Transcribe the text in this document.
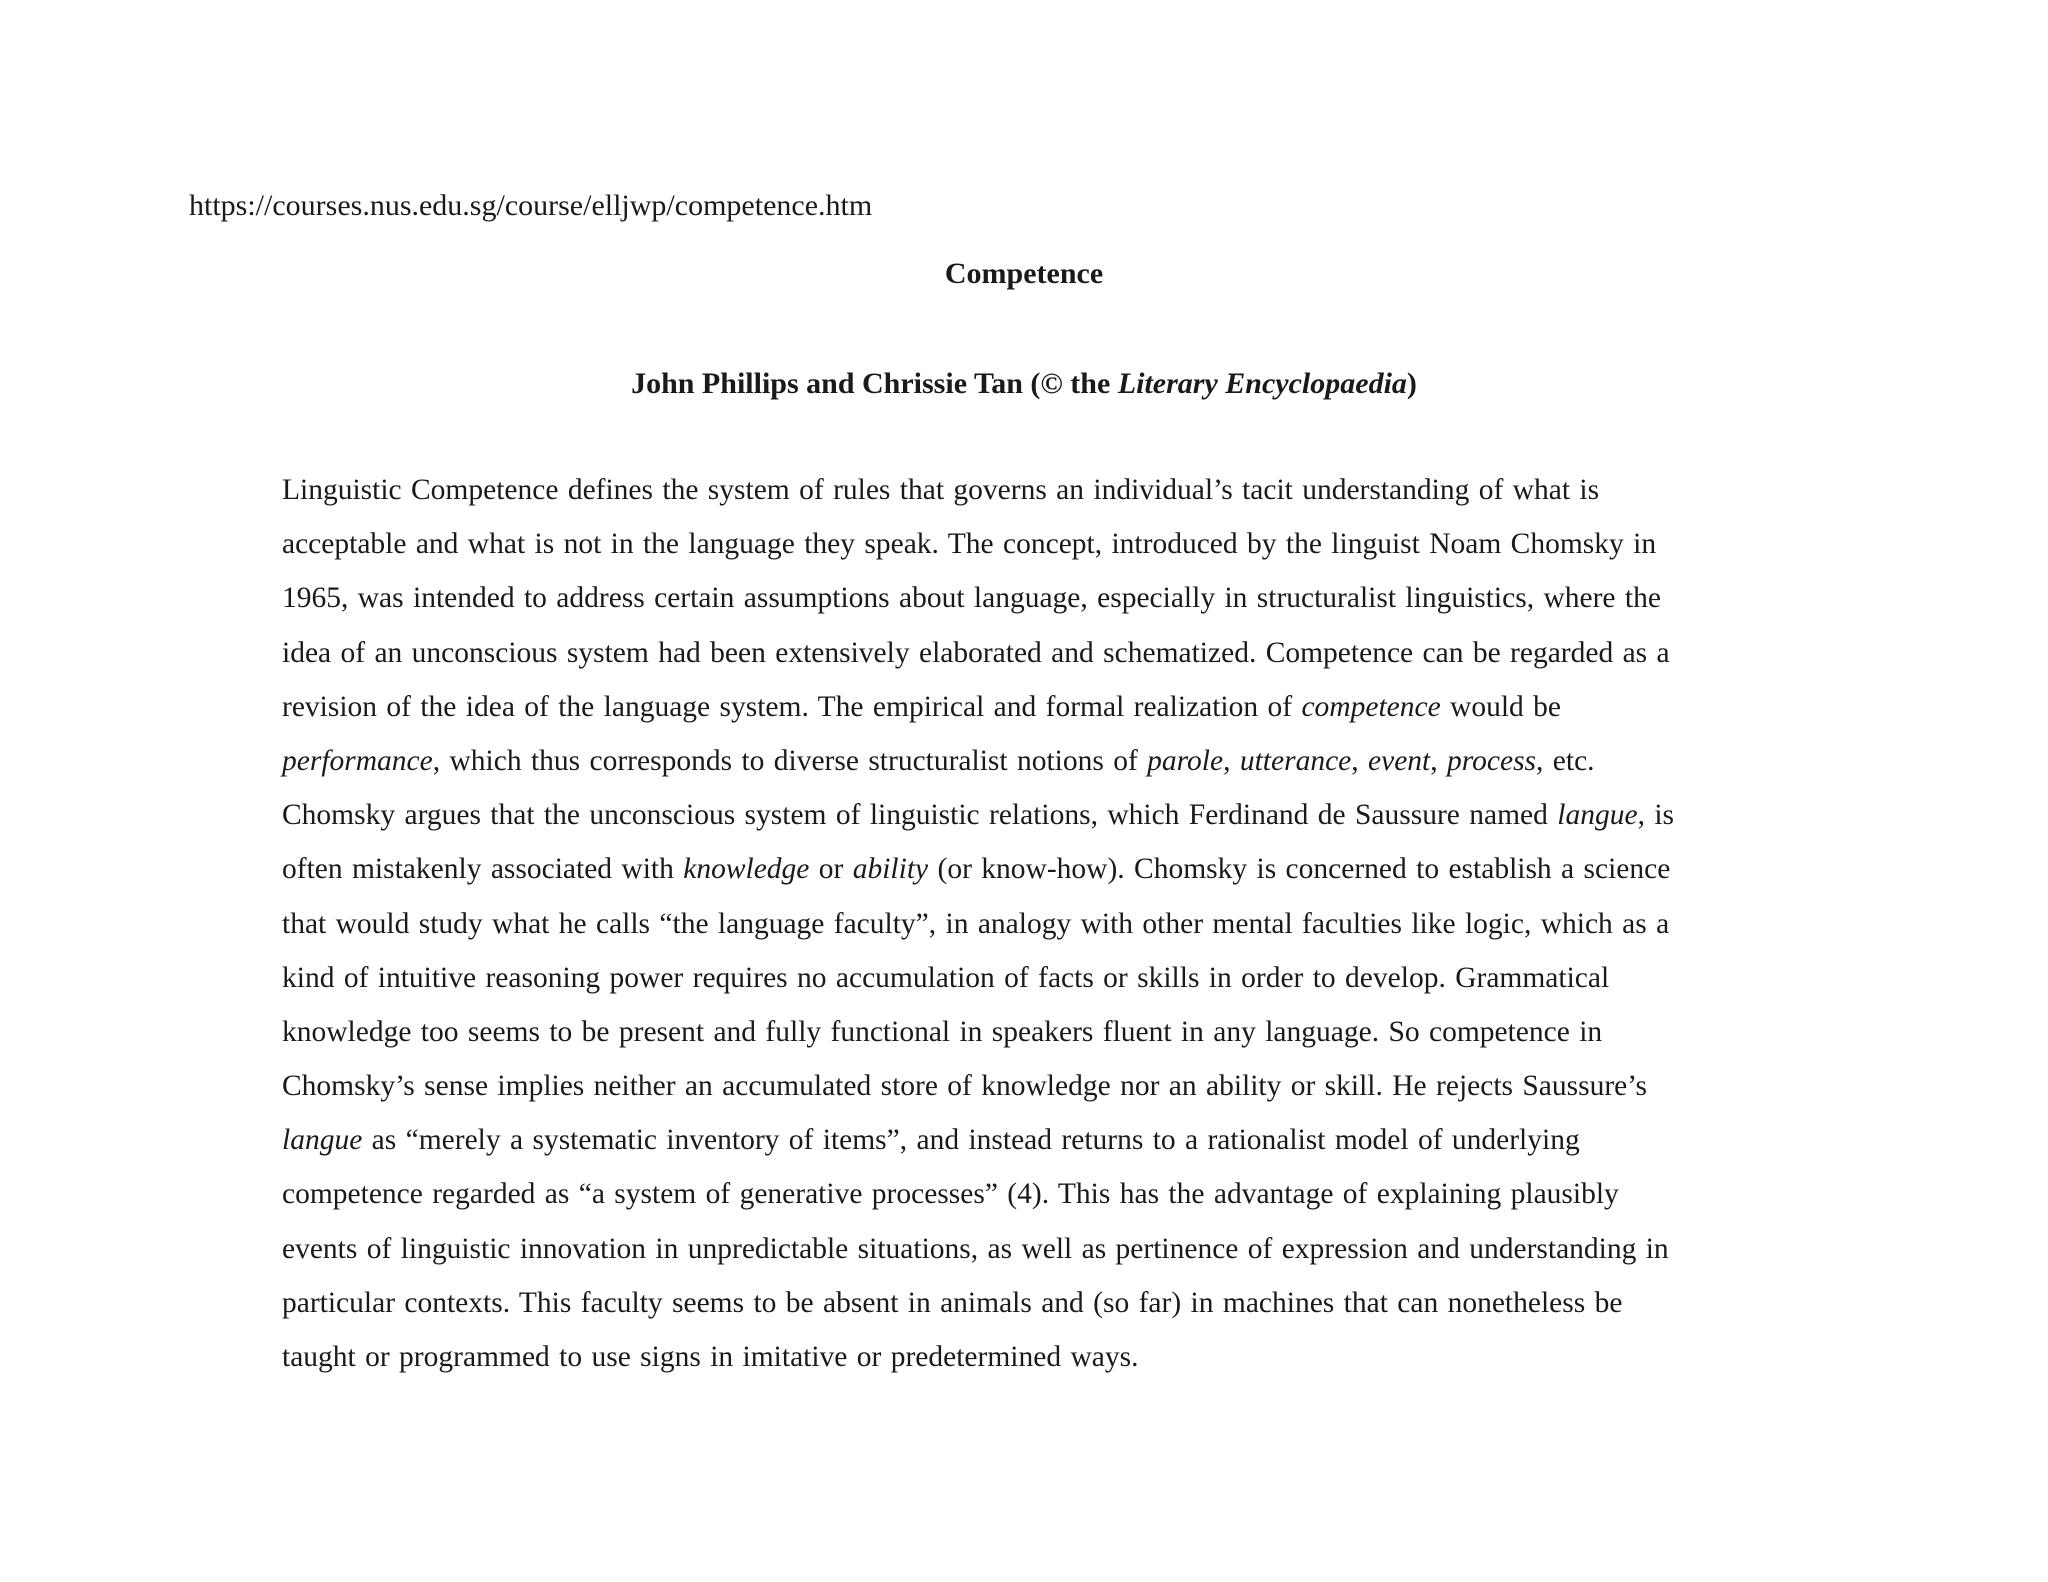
https://courses.nus.edu.sg/course/elljwp/competence.htm
Competence
John Phillips and Chrissie Tan (© the Literary Encyclopaedia)
Linguistic Competence defines the system of rules that governs an individual’s tacit understanding of what is
acceptable and what is not in the language they speak. The concept, introduced by the linguist Noam Chomsky in
1965, was intended to address certain assumptions about language, especially in structuralist linguistics, where the
idea of an unconscious system had been extensively elaborated and schematized. Competence can be regarded as a
revision of the idea of the language system. The empirical and formal realization of competence would be
performance, which thus corresponds to diverse structuralist notions of parole, utterance, event, process, etc.
Chomsky argues that the unconscious system of linguistic relations, which Ferdinand de Saussure named langue, is
often mistakenly associated with knowledge or ability (or know-how). Chomsky is concerned to establish a science
that would study what he calls “the language faculty”, in analogy with other mental faculties like logic, which as a
kind of intuitive reasoning power requires no accumulation of facts or skills in order to develop. Grammatical
knowledge too seems to be present and fully functional in speakers fluent in any language. So competence in
Chomsky’s sense implies neither an accumulated store of knowledge nor an ability or skill. He rejects Saussure’s
langue as “merely a systematic inventory of items”, and instead returns to a rationalist model of underlying
competence regarded as “a system of generative processes” (4). This has the advantage of explaining plausibly
events of linguistic innovation in unpredictable situations, as well as pertinence of expression and understanding in
particular contexts. This faculty seems to be absent in animals and (so far) in machines that can nonetheless be
taught or programmed to use signs in imitative or predetermined ways.
